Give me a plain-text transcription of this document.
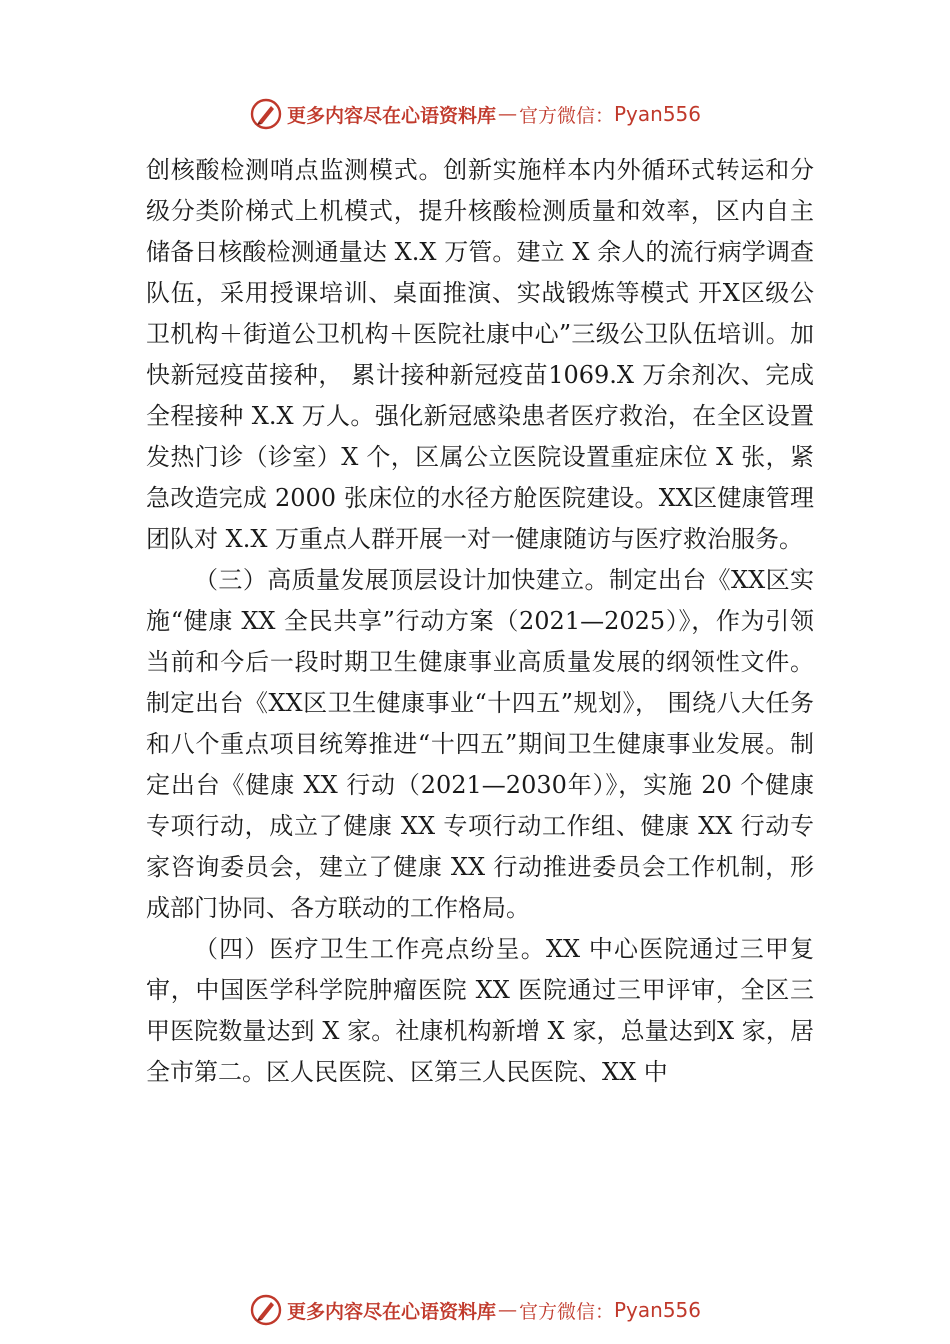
更多内容尽在心语资料库 — 官方微信： Pyan556

创核酸检测哨点监测模式。创新实施样本内外循环式转运和分级分类阶梯式上机模式，提升核酸检测质量和效率，区内自主储备日核酸检测通量达 X.X 万管。建立 X 余人的流行病学调查队伍，采用授课培训、桌面推演、实战锻炼等模式 开X区级公卫机构＋街道公卫机构＋医院社康中心”三级公卫队伍培训。加快新冠疫苗接种， 累计接种新冠疫苗1069.X 万余剂次、完成全程接种 X.X 万人。强化新冠感染患者医疗救治，在全区设置发热门诊（诊室）X 个，区属公立医院设置重症床位 X 张，紧急改造完成 2000 张床位的水径方舱医院建设。XX区健康管理团队对 X.X 万重点人群开展一对一健康随访与医疗救治服务。

（三）高质量发展顶层设计加快建立。制定出台《XX区实施“健康 XX 全民共享”行动方案（2021—2025）》，作为引领当前和今后一段时期卫生健康事业高质量发展的纲领性文件。制定出台《XX区卫生健康事业“十四五”规划》， 围绕八大任务和八个重点项目统筹推进“十四五”期间卫生健康事业发展。制定出台《健康 XX 行动（2021—2030年）》，实施 20 个健康专项行动，成立了健康 XX 专项行动工作组、健康 XX 行动专家咨询委员会，建立了健康 XX 行动推进委员会工作机制，形成部门协同、各方联动的工作格局。

（四）医疗卫生工作亮点纷呈。XX 中心医院通过三甲复审，中国医学科学院肿瘤医院 XX 医院通过三甲评审，全区三甲医院数量达到 X 家。社康机构新增 X 家，总量达到X 家，居全市第二。区人民医院、区第三人民医院、XX 中

更多内容尽在心语资料库 — 官方微信： Pyan556
